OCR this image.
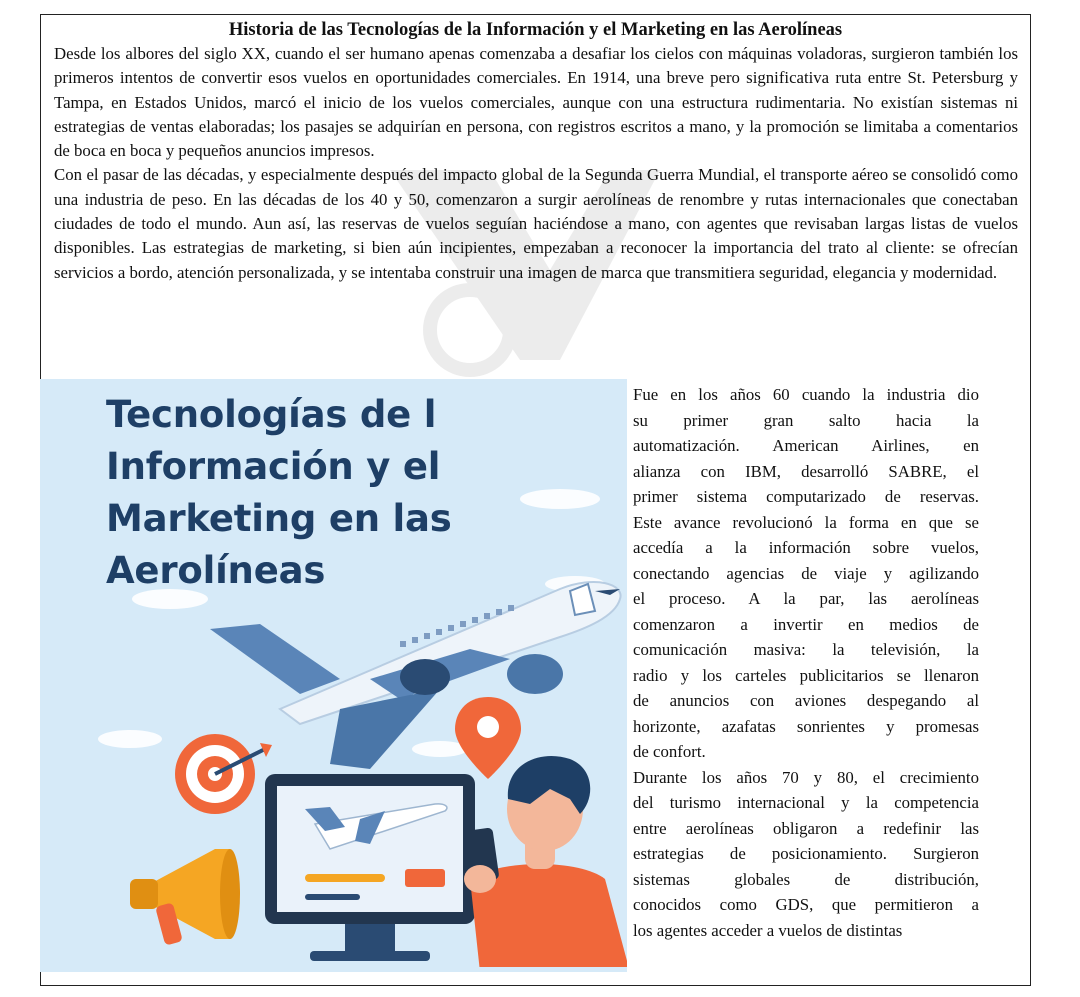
Historia de las Tecnologías de la Información y el Marketing en las Aerolíneas
Desde los albores del siglo XX, cuando el ser humano apenas comenzaba a desafiar los cielos con máquinas voladoras, surgieron también los primeros intentos de convertir esos vuelos en oportunidades comerciales. En 1914, una breve pero significativa ruta entre St. Petersburg y Tampa, en Estados Unidos, marcó el inicio de los vuelos comerciales, aunque con una estructura rudimentaria. No existían sistemas ni estrategias de ventas elaboradas; los pasajes se adquirían en persona, con registros escritos a mano, y la promoción se limitaba a comentarios de boca en boca y pequeños anuncios impresos.
Con el pasar de las décadas, y especialmente después del impacto global de la Segunda Guerra Mundial, el transporte aéreo se consolidó como una industria de peso. En las décadas de los 40 y 50, comenzaron a surgir aerolíneas de renombre y rutas internacionales que conectaban ciudades de todo el mundo. Aun así, las reservas de vuelos seguían haciéndose a mano, con agentes que revisaban largas listas de vuelos disponibles. Las estrategias de marketing, si bien aún incipientes, empezaban a reconocer la importancia del trato al cliente: se ofrecían servicios a bordo, atención personalizada, y se intentaba construir una imagen de marca que transmitiera seguridad, elegancia y modernidad.
Tecnologías de l
Información y el
Marketing en las
Aerolíneas
Fue en los años 60 cuando la industria dio
su primer gran salto hacia la
automatización. American Airlines, en
alianza con IBM, desarrolló SABRE, el
primer sistema computarizado de reservas.
Este avance revolucionó la forma en que se
accedía a la información sobre vuelos,
conectando agencias de viaje y agilizando
el proceso. A la par, las aerolíneas
comenzaron a invertir en medios de
comunicación masiva: la televisión, la
radio y los carteles publicitarios se llenaron
de anuncios con aviones despegando al
horizonte, azafatas sonrientes y promesas
de confort.
Durante los años 70 y 80, el crecimiento
del turismo internacional y la competencia
entre aerolíneas obligaron a redefinir las
estrategias de posicionamiento. Surgieron
sistemas globales de distribución,
conocidos como GDS, que permitieron a
los agentes acceder a vuelos de distintas
